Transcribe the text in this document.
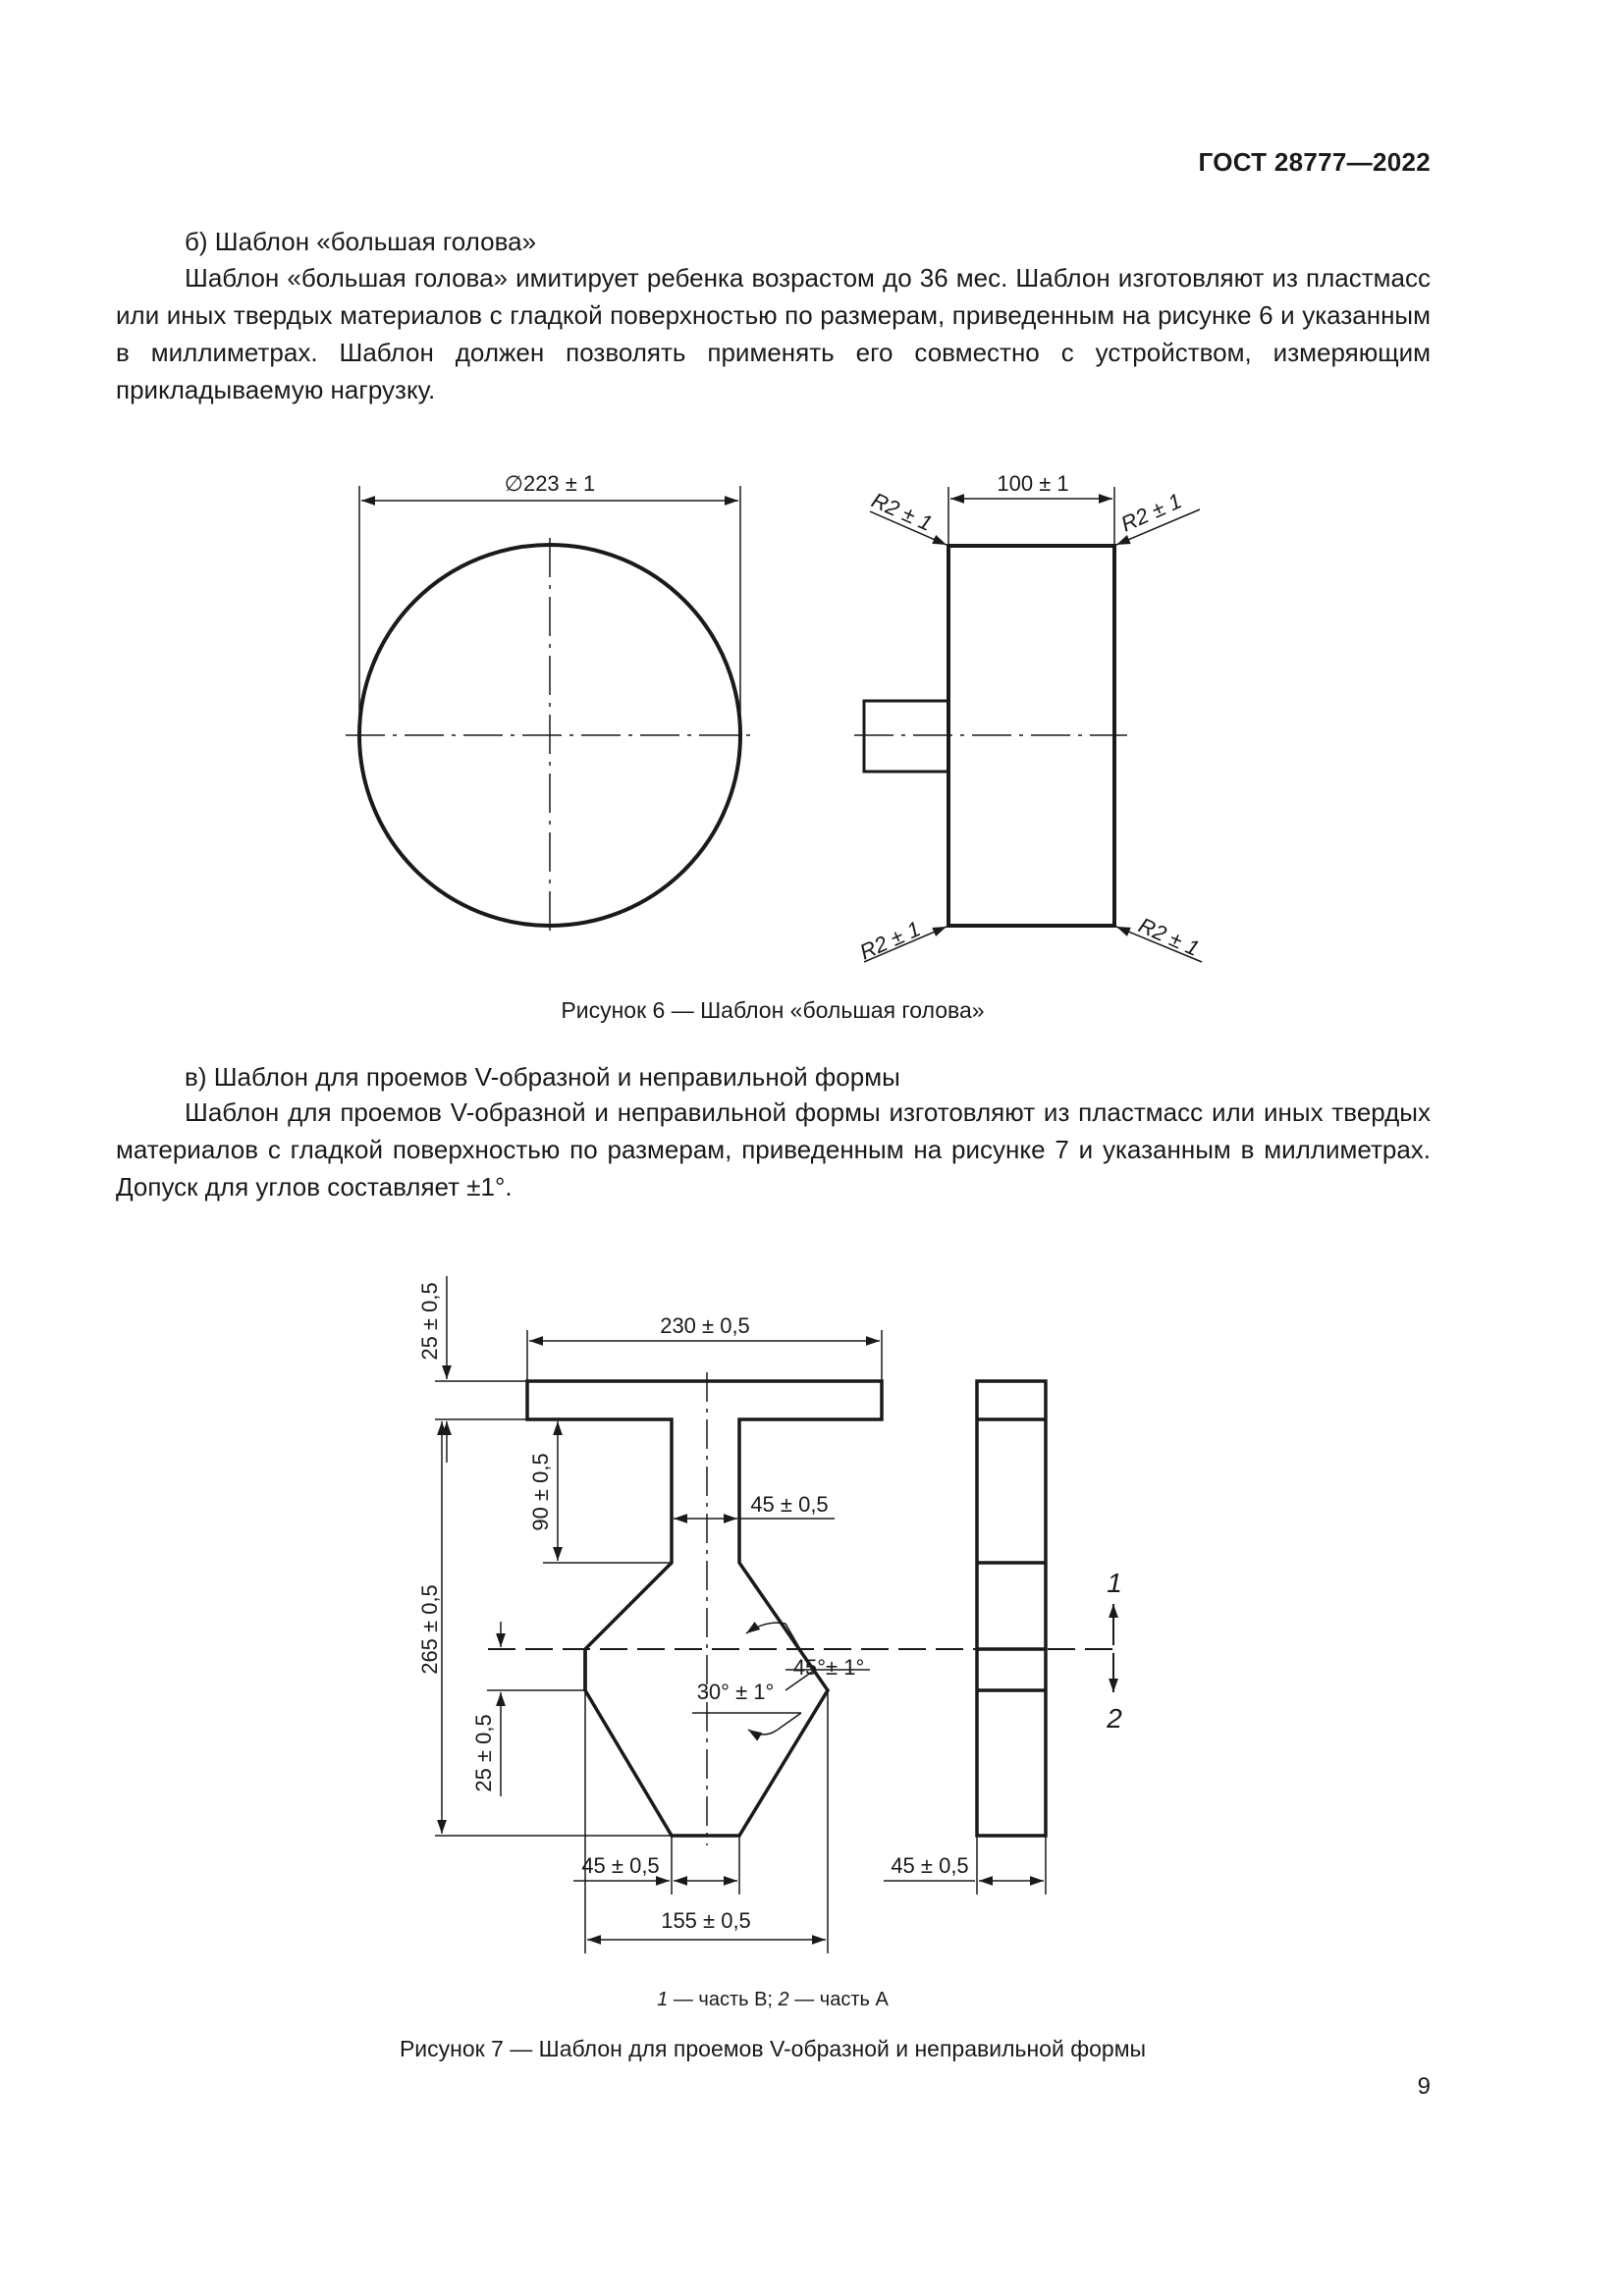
ГОСТ 28777—2022
б) Шаблон «большая голова»
Шаблон «большая голова» имитирует ребенка возрастом до 36 мес. Шаблон изготовляют из пластмасс или иных твердых материалов с гладкой поверхностью по размерам, приведенным на рисунке 6 и указанным в миллиметрах. Шаблон должен позволять применять его совместно с устройством, измеряющим прикладываемую нагрузку.
∅223 ± 1	100 ± 1
R2 ± 1	R2 ± 1
R2 ± 1	R2 ± 1
230 ± 0,5
25 ± 0,5
265 ± 0,5
90 ± 0,5	45 ± 0,5
25 ± 0,5
45°± 1°
30° ± 1°
45 ± 0,5
155 ± 0,5
45 ± 0,5
1
2
Рисунок 6 — Шаблон «большая голова»
в) Шаблон для проемов V-образной и неправильной формы
Шаблон для проемов V-образной и неправильной формы изготовляют из пластмасс или иных твердых материалов с гладкой поверхностью по размерам, приведенным на рисунке 7 и указанным в миллиметрах. Допуск для углов составляет ±1°.
1 — часть В; 2 — часть А
Рисунок 7 — Шаблон для проемов V-образной и неправильной формы
9
